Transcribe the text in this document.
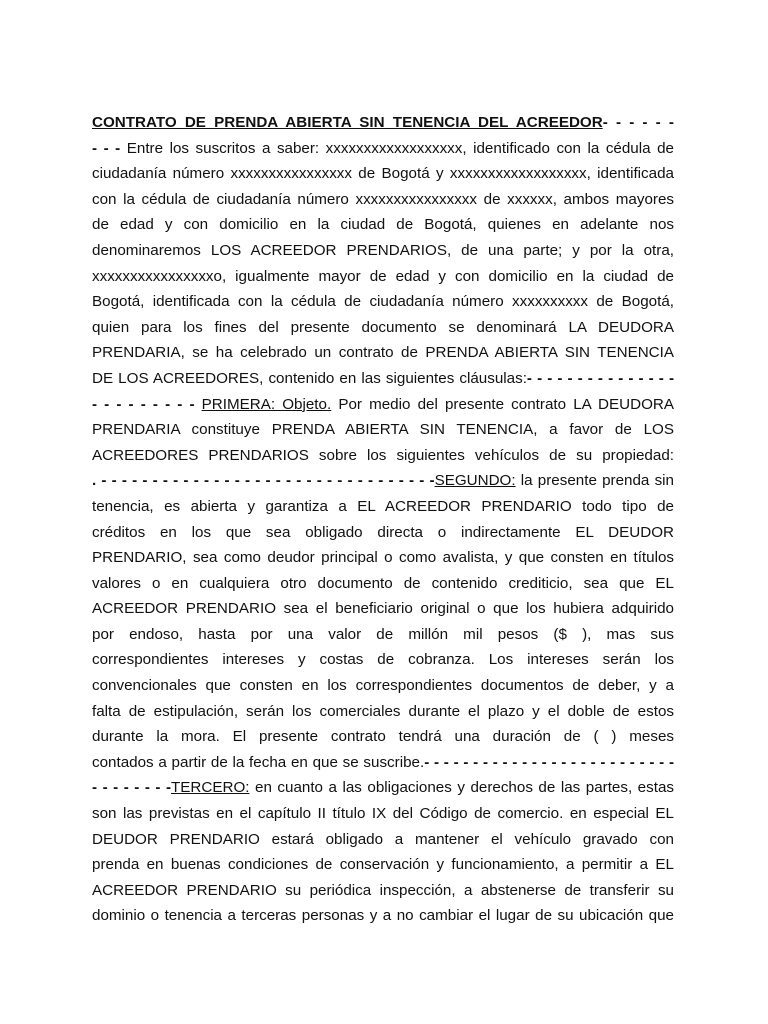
CONTRATO DE PRENDA ABIERTA SIN TENENCIA DEL ACREEDOR- - - - - -
- - - Entre los suscritos a saber: xxxxxxxxxxxxxxxxxx, identificado con la cédula de
ciudadanía número xxxxxxxxxxxxxxxx de Bogotá y xxxxxxxxxxxxxxxxxx, identificada
con la cédula de ciudadanía número xxxxxxxxxxxxxxxx de xxxxxx, ambos mayores
de edad y con domicilio en la ciudad de Bogotá, quienes en adelante nos
denominaremos LOS ACREEDOR PRENDARIOS, de una parte; y por la otra,
xxxxxxxxxxxxxxxxo, igualmente mayor de edad y con domicilio en la ciudad de
Bogotá, identificada con la cédula de ciudadanía número xxxxxxxxxx de Bogotá,
quien para los fines del presente documento se denominará LA DEUDORA
PRENDARIA, se ha celebrado un contrato de PRENDA ABIERTA SIN TENENCIA
DE LOS ACREEDORES, contenido en las siguientes cláusulas:- - - - - - - - - - - - - - -
- - - - - - - - - PRIMERA: Objeto. Por medio del presente contrato LA DEUDORA
PRENDARIA constituye PRENDA ABIERTA SIN TENENCIA, a favor de LOS
ACREEDORES PRENDARIOS sobre los siguientes vehículos de su propiedad:
. - - - - - - - - - - - - - - - - - - - - - - - - - - - - - - - - -SEGUNDO: la presente prenda sin
tenencia, es abierta y garantiza a EL ACREEDOR PRENDARIO todo tipo de
créditos en los que sea obligado directa o indirectamente EL DEUDOR
PRENDARIO, sea como deudor principal o como avalista, y que consten en títulos
valores o en cualquiera otro documento de contenido crediticio, sea que EL
ACREEDOR PRENDARIO sea el beneficiario original o que los hubiera adquirido
por endoso, hasta por una valor de millón mil pesos ($ ), mas sus
correspondientes intereses y costas de cobranza. Los intereses serán los
convencionales que consten en los correspondientes documentos de deber, y a
falta de estipulación, serán los comerciales durante el plazo y el doble de estos
durante la mora. El presente contrato tendrá una duración de ( ) meses
contados a partir de la fecha en que se suscribe.- - - - - - - - - - - - - - - - - - - - - - - - - -
- - - - - - - -TERCERO: en cuanto a las obligaciones y derechos de las partes, estas
son las previstas en el capítulo II título IX del Código de comercio. en especial EL
DEUDOR PRENDARIO estará obligado a mantener el vehículo gravado con
prenda en buenas condiciones de conservación y funcionamiento, a permitir a EL
ACREEDOR PRENDARIO su periódica inspección, a abstenerse de transferir su
dominio o tenencia a terceras personas y a no cambiar el lugar de su ubicación que
